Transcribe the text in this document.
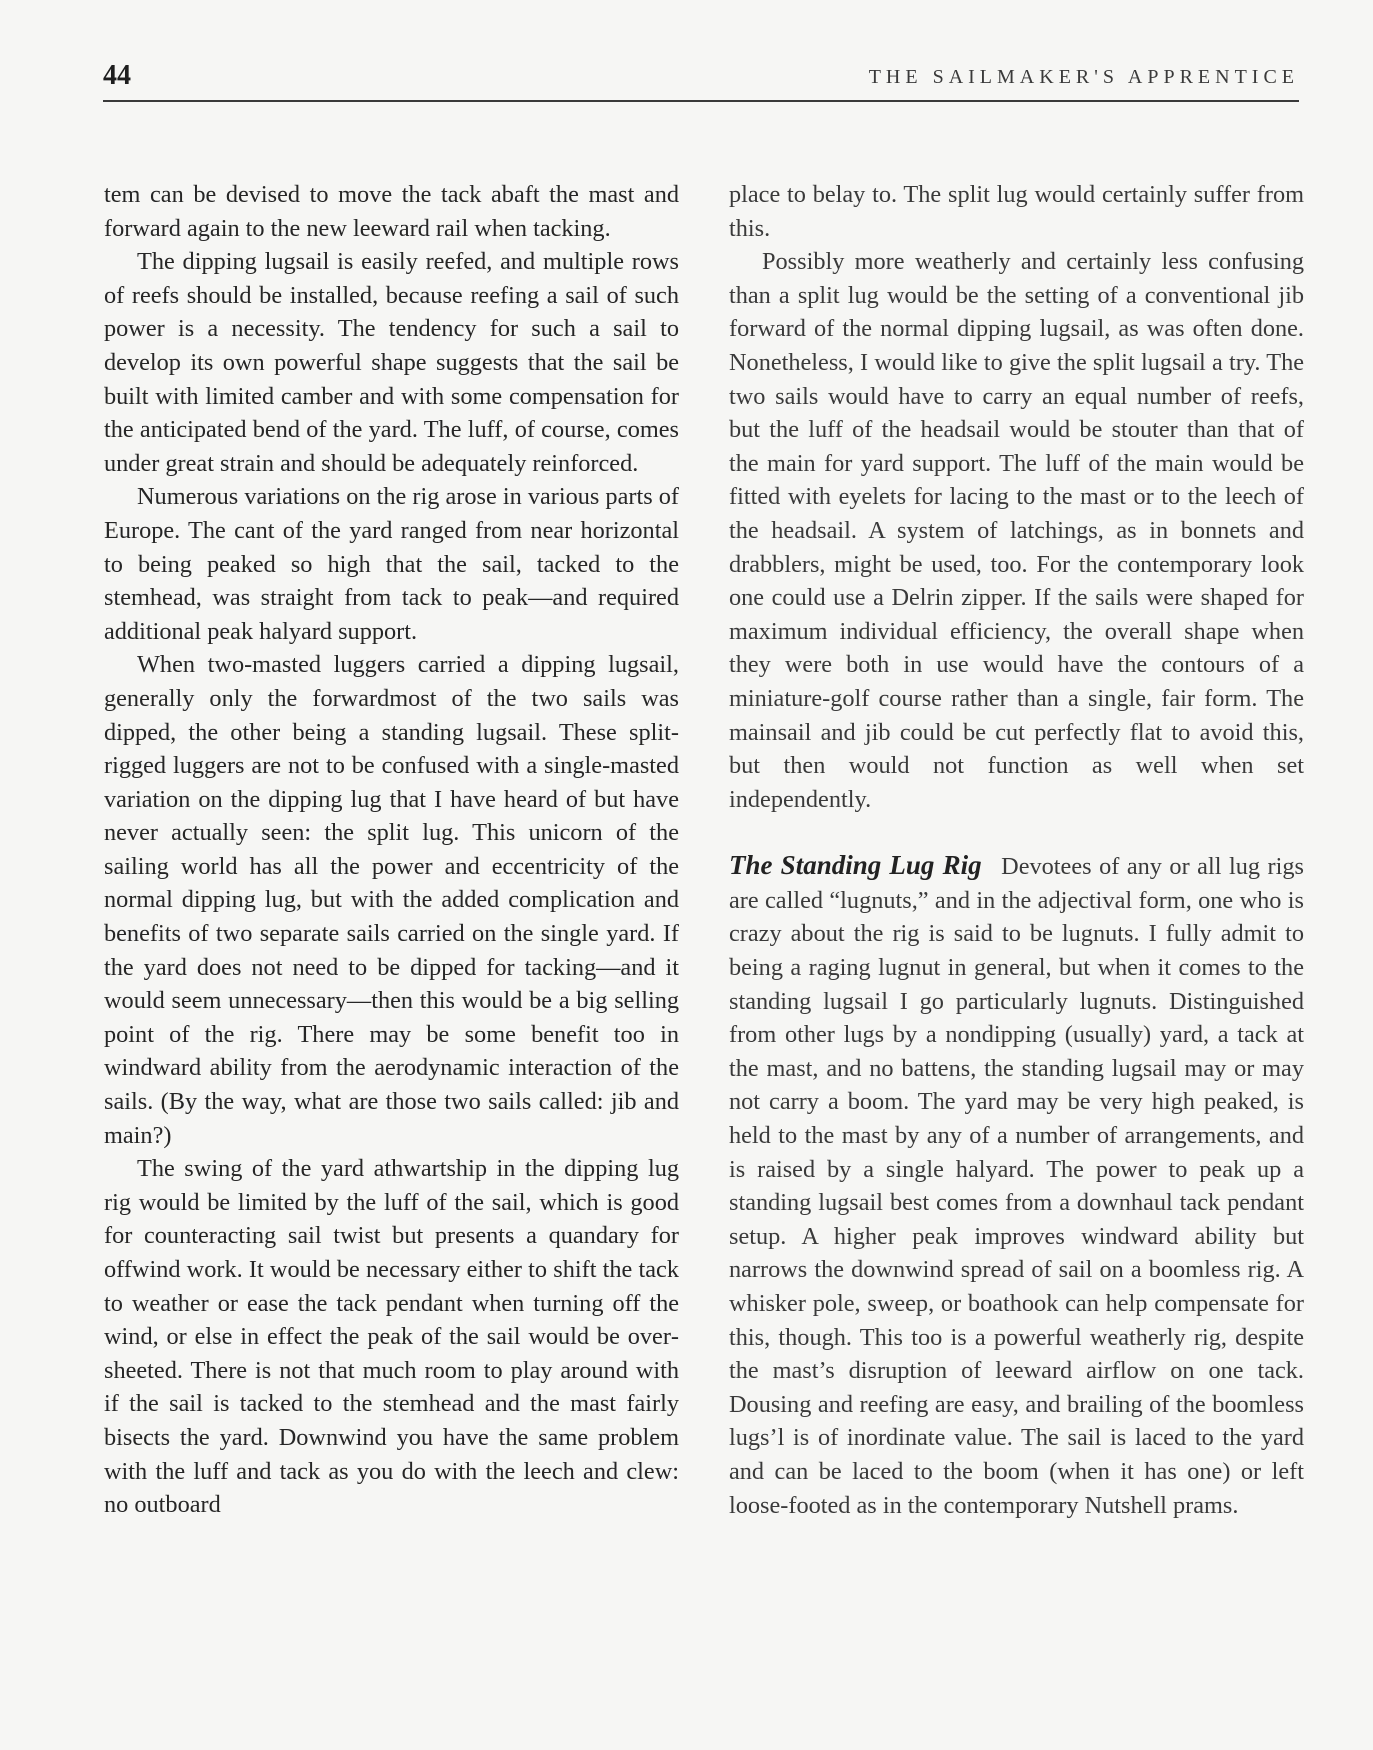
44	THE SAILMAKER'S APPRENTICE

tem can be devised to move the tack abaft the mast and forward again to the new leeward rail when tacking.

The dipping lugsail is easily reefed, and multiple rows of reefs should be installed, because reefing a sail of such power is a necessity. The tendency for such a sail to develop its own powerful shape suggests that the sail be built with limited camber and with some compensation for the anticipated bend of the yard. The luff, of course, comes under great strain and should be adequately reinforced.

Numerous variations on the rig arose in various parts of Europe. The cant of the yard ranged from near horizontal to being peaked so high that the sail, tacked to the stemhead, was straight from tack to peak—and required additional peak halyard support.

When two-masted luggers carried a dipping lugsail, generally only the forwardmost of the two sails was dipped, the other being a standing lugsail. These split-rigged luggers are not to be confused with a single-masted variation on the dipping lug that I have heard of but have never actually seen: the split lug. This unicorn of the sailing world has all the power and eccentricity of the normal dipping lug, but with the added complication and benefits of two separate sails carried on the single yard. If the yard does not need to be dipped for tacking—and it would seem unnecessary—then this would be a big selling point of the rig. There may be some benefit too in windward ability from the aerodynamic interaction of the sails. (By the way, what are those two sails called: jib and main?)

The swing of the yard athwartship in the dipping lug rig would be limited by the luff of the sail, which is good for counteracting sail twist but presents a quandary for offwind work. It would be necessary either to shift the tack to weather or ease the tack pendant when turning off the wind, or else in effect the peak of the sail would be oversheeted. There is not that much room to play around with if the sail is tacked to the stemhead and the mast fairly bisects the yard. Downwind you have the same problem with the luff and tack as you do with the leech and clew: no outboard

place to belay to. The split lug would certainly suffer from this.

Possibly more weatherly and certainly less confusing than a split lug would be the setting of a conventional jib forward of the normal dipping lugsail, as was often done. Nonetheless, I would like to give the split lugsail a try. The two sails would have to carry an equal number of reefs, but the luff of the headsail would be stouter than that of the main for yard support. The luff of the main would be fitted with eyelets for lacing to the mast or to the leech of the headsail. A system of latchings, as in bonnets and drabblers, might be used, too. For the contemporary look one could use a Delrin zipper. If the sails were shaped for maximum individual efficiency, the overall shape when they were both in use would have the contours of a miniature-golf course rather than a single, fair form. The mainsail and jib could be cut perfectly flat to avoid this, but then would not function as well when set independently.

The Standing Lug Rig Devotees of any or all lug rigs are called “lugnuts,” and in the adjectival form, one who is crazy about the rig is said to be lugnuts. I fully admit to being a raging lugnut in general, but when it comes to the standing lugsail I go particularly lugnuts. Distinguished from other lugs by a nondipping (usually) yard, a tack at the mast, and no battens, the standing lugsail may or may not carry a boom. The yard may be very high peaked, is held to the mast by any of a number of arrangements, and is raised by a single halyard. The power to peak up a standing lugsail best comes from a downhaul tack pendant setup. A higher peak improves windward ability but narrows the downwind spread of sail on a boomless rig. A whisker pole, sweep, or boathook can help compensate for this, though. This too is a powerful weatherly rig, despite the mast’s disruption of leeward airflow on one tack. Dousing and reefing are easy, and brailing of the boomless lugs’l is of inordinate value. The sail is laced to the yard and can be laced to the boom (when it has one) or left loose-footed as in the contemporary Nutshell prams.
